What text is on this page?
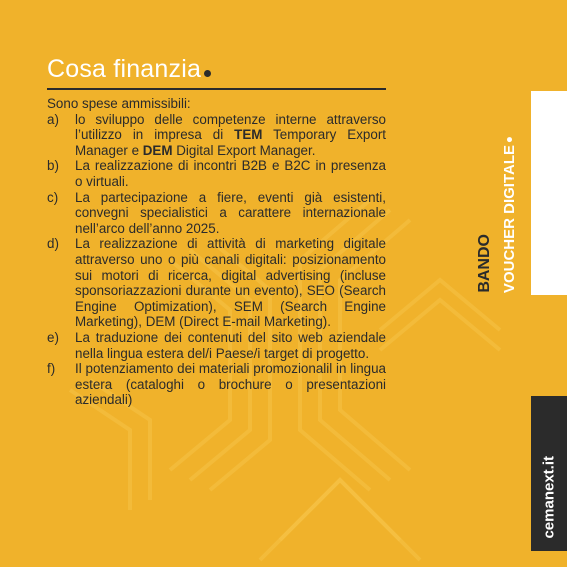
Cosa finanzia

Sono spese ammissibili:

a) lo sviluppo delle competenze interne attraverso l’utilizzo in impresa di TEM Temporary Export Manager e DEM Digital Export Manager.
b) La realizzazione di incontri B2B e B2C in presenza o virtuali.
c) La partecipazione a fiere, eventi già esistenti, convegni specialistici a carattere internazionale nell’arco dell’anno 2025.
d) La realizzazione di attività di marketing digitale attraverso uno o più canali digitali: posizionamento sui motori di ricerca, digital advertising (incluse sponsoriazzazioni durante un evento), SEO (Search Engine Optimization), SEM (Search Engine Marketing), DEM (Direct E-mail Marketing).
e) La traduzione dei contenuti del sito web aziendale nella lingua estera del/i Paese/i target di progetto.
f) Il potenziamento dei materiali promozionalil in lingua estera (cataloghi o brochure o presentazioni aziendali)
BANDO VOUCHER DIGITALE
cemanext.it
